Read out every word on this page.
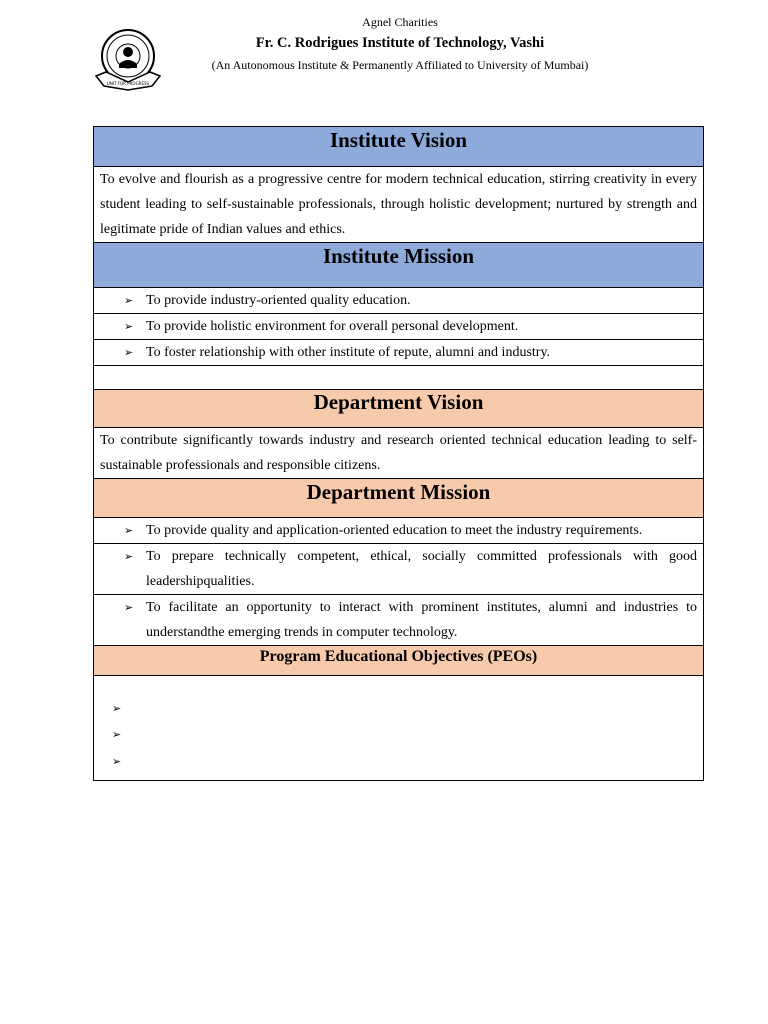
UNIT FOR PROGRESS
Agnel Charities
Fr. C. Rodrigues Institute of Technology, Vashi
(An Autonomous Institute & Permanently Affiliated to University of Mumbai)
Institute Vision
To evolve and flourish as a progressive centre for modern technical education, stirring creativity in every student leading to self-sustainable professionals, through holistic development; nurtured by strength and legitimate pride of Indian values and ethics.
Institute Mission
➢ To provide industry-oriented quality education.
➢ To provide holistic environment for overall personal development.
➢ To foster relationship with other institute of repute, alumni and industry.
Department Vision
To contribute significantly towards industry and research oriented technical education leading to self-sustainable professionals and responsible citizens.
Department Mission
➢ To provide quality and application-oriented education to meet the industry requirements.
➢ To prepare technically competent, ethical, socially committed professionals with good leadershipqualities.
➢ To facilitate an opportunity to interact with prominent institutes, alumni and industries to understandthe emerging trends in computer technology.
Program Educational Objectives (PEOs)
➢
➢
➢
